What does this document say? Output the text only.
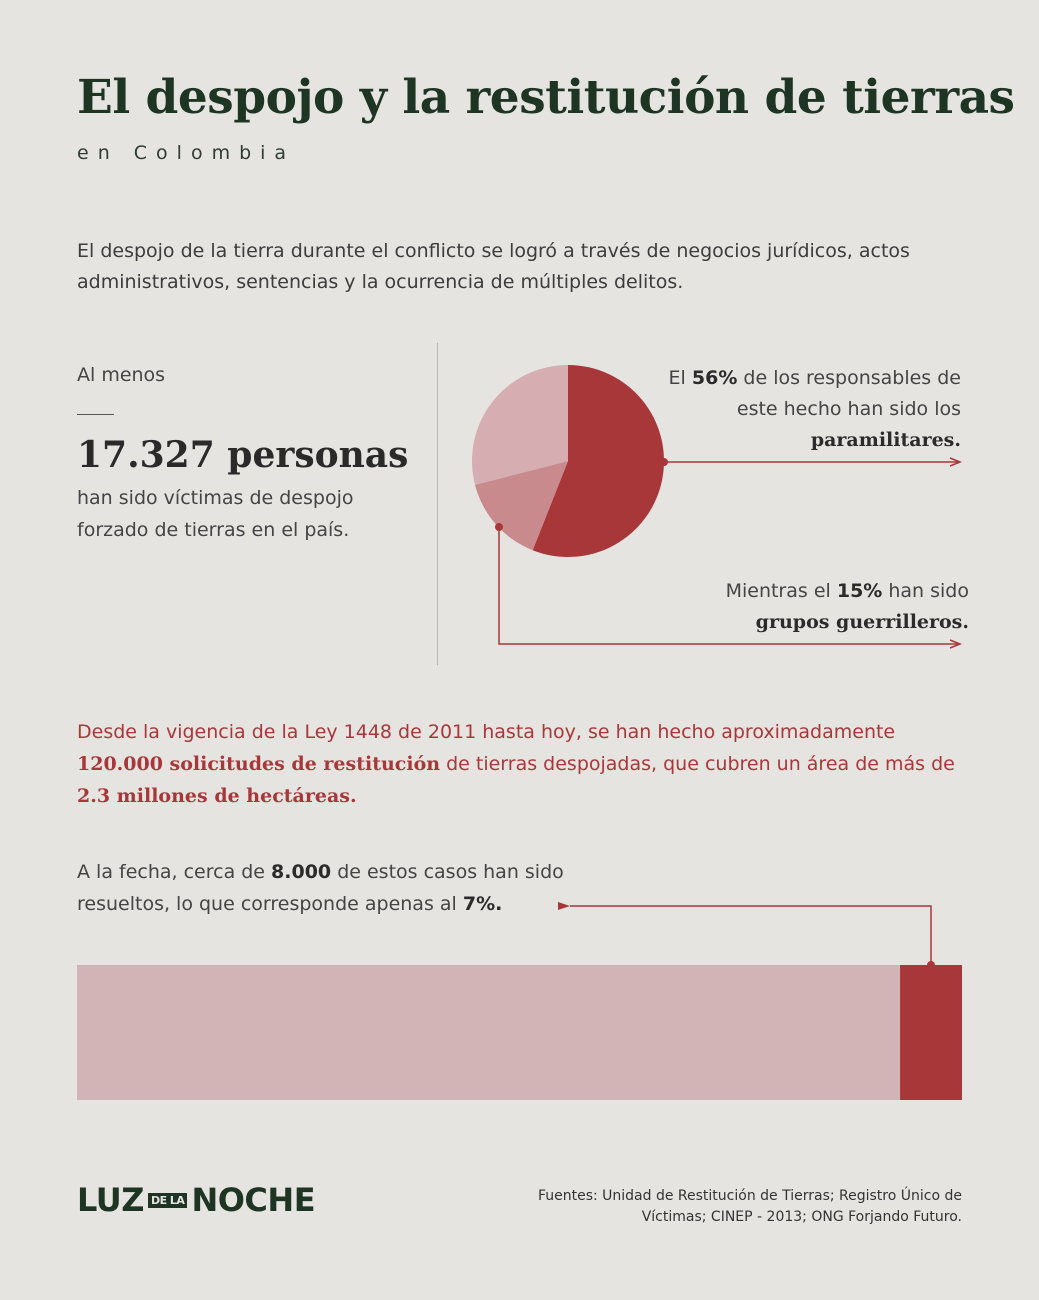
El despojo y la restitución de tierras
en Colombia

El despojo de la tierra durante el conflicto se logró a través de negocios jurídicos, actos administrativos, sentencias y la ocurrencia de múltiples delitos.

Al menos
17.327 personas

han sido víctimas de despojo forzado de tierras en el país.

El 56% de los responsables de este hecho han sido los paramilitares.
Mientras el 15% han sido
grupos guerrilleros.

Desde la vigencia de la Ley 1448 de 2011 hasta hoy, se han hecho aproximadamente 120.000 solicitudes de restitución de tierras despojadas, que cubren un área de más de 2.3 millones de hectáreas.

A la fecha, cerca de 8.000 de estos casos han sido resueltos, lo que corresponde apenas al 7%.

LUZ DE LA NOCHE	Fuentes: Unidad de Restitución de Tierras; Registro Único de Víctimas; CINEP - 2013; ONG Forjando Futuro.
